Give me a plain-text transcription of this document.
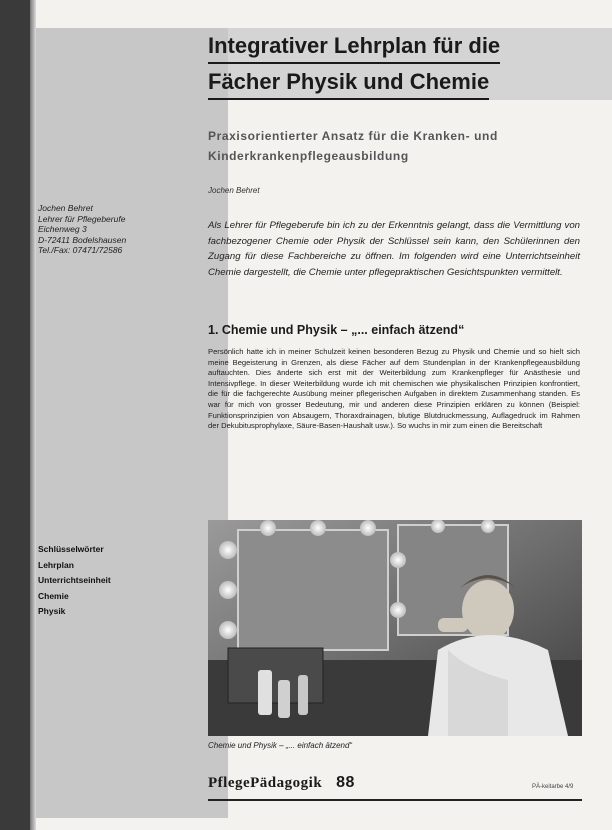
Integrativer Lehrplan für die
Fächer Physik und Chemie
Praxisorientierter Ansatz für die Kranken- und
Kinderkrankenpflegeausbildung
Jochen Behret
Jochen Behret
Lehrer für Pflegeberufe
Eichenweg 3
D-72411 Bodelshausen
Tel./Fax: 07471/72586
Als Lehrer für Pflegeberufe bin ich zu der Erkenntnis gelangt, dass die Vermittlung von fachbezogener Chemie oder Physik der Schlüssel sein kann, den Schülerinnen den Zugang für diese Fachbereiche zu öffnen. Im folgenden wird eine Unterrichtseinheit Chemie dargestellt, die Chemie unter pflegepraktischen Gesichtspunkten vermittelt.
1. Chemie und Physik – „... einfach ätzend“
Persönlich hatte ich in meiner Schulzeit keinen besonderen Bezug zu Physik und Chemie und so hielt sich meine Begeisterung in Grenzen, als diese Fächer auf dem Stundenplan in der Krankenpflegeausbildung auftauchten. Dies änderte sich erst mit der Weiterbildung zum Krankenpfleger für Anästhesie und Intensivpflege. In dieser Weiterbildung wurde ich mit chemischen wie physikalischen Prinzipien konfrontiert, die für die fachgerechte Ausübung meiner pflegerischen Aufgaben in direktem Zusammenhang standen. Es war für mich von grosser Bedeutung, mir und anderen diese Prinzipien erklären zu können (Beispiel: Funktionsprinzipien von Absaugern, Thoraxdrainagen, blutige Blutdruckmessung, Auflagedruck im Rahmen der Dekubitusprophylaxe, Säure-Basen-Haushalt usw.). So wuchs in mir zum einen die Bereitschaft
Schlüsselwörter
Lehrplan
Unterrichtseinheit
Chemie
Physik
Chemie und Physik – „... einfach ätzend“
PflegePädagogik 88	PÄ-keitarbe 4/9
